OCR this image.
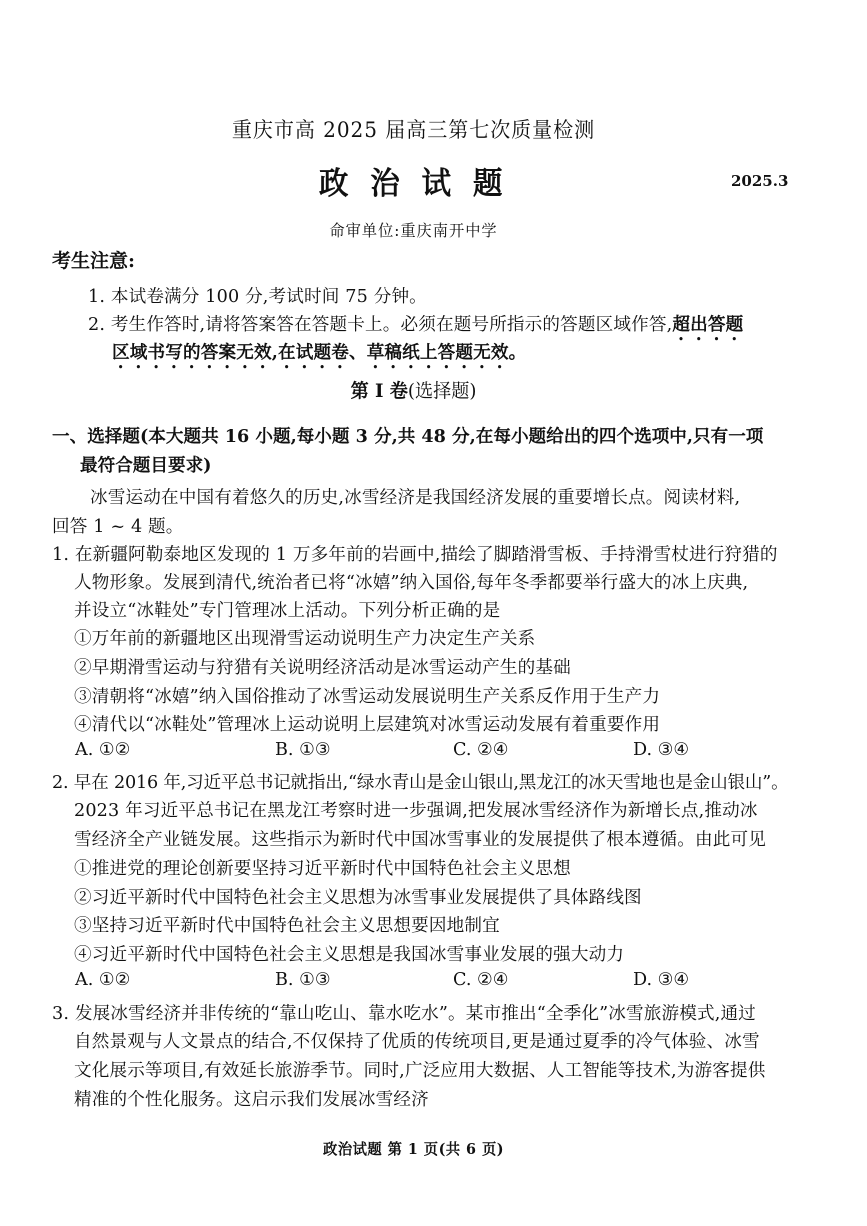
重庆市高 2025 届高三第七次质量检测
政 治 试 题	2025.3
命审单位:重庆南开中学
考生注意:
1. 本试卷满分 100 分,考试时间 75 分钟。
2. 考生作答时,请将答案答在答题卡上。必须在题号所指示的答题区域作答,超出答题
区域书写的答案无效,在试题卷、草稿纸上答题无效。
第 I 卷(选择题)
一、选择题(本大题共 16 小题,每小题 3 分,共 48 分,在每小题给出的四个选项中,只有一项
最符合题目要求)
冰雪运动在中国有着悠久的历史,冰雪经济是我国经济发展的重要增长点。阅读材料,
回答 1 ~ 4 题。
1. 在新疆阿勒泰地区发现的 1 万多年前的岩画中,描绘了脚踏滑雪板、手持滑雪杖进行狩猎的
人物形象。发展到清代,统治者已将“冰嬉”纳入国俗,每年冬季都要举行盛大的冰上庆典,
并设立“冰鞋处”专门管理冰上活动。下列分析正确的是
①万年前的新疆地区出现滑雪运动说明生产力决定生产关系
②早期滑雪运动与狩猎有关说明经济活动是冰雪运动产生的基础
③清朝将“冰嬉”纳入国俗推动了冰雪运动发展说明生产关系反作用于生产力
④清代以“冰鞋处”管理冰上运动说明上层建筑对冰雪运动发展有着重要作用
A. ①②	B. ①③	C. ②④	D. ③④
2. 早在 2016 年,习近平总书记就指出,“绿水青山是金山银山,黑龙江的冰天雪地也是金山银山”。
2023 年习近平总书记在黑龙江考察时进一步强调,把发展冰雪经济作为新增长点,推动冰
雪经济全产业链发展。这些指示为新时代中国冰雪事业的发展提供了根本遵循。由此可见
①推进党的理论创新要坚持习近平新时代中国特色社会主义思想
②习近平新时代中国特色社会主义思想为冰雪事业发展提供了具体路线图
③坚持习近平新时代中国特色社会主义思想要因地制宜
④习近平新时代中国特色社会主义思想是我国冰雪事业发展的强大动力
A. ①②	B. ①③	C. ②④	D. ③④
3. 发展冰雪经济并非传统的“靠山吃山、靠水吃水”。某市推出“全季化”冰雪旅游模式,通过
自然景观与人文景点的结合,不仅保持了优质的传统项目,更是通过夏季的冷气体验、冰雪
文化展示等项目,有效延长旅游季节。同时,广泛应用大数据、人工智能等技术,为游客提供
精准的个性化服务。这启示我们发展冰雪经济
政治试题 第 1 页(共 6 页)
